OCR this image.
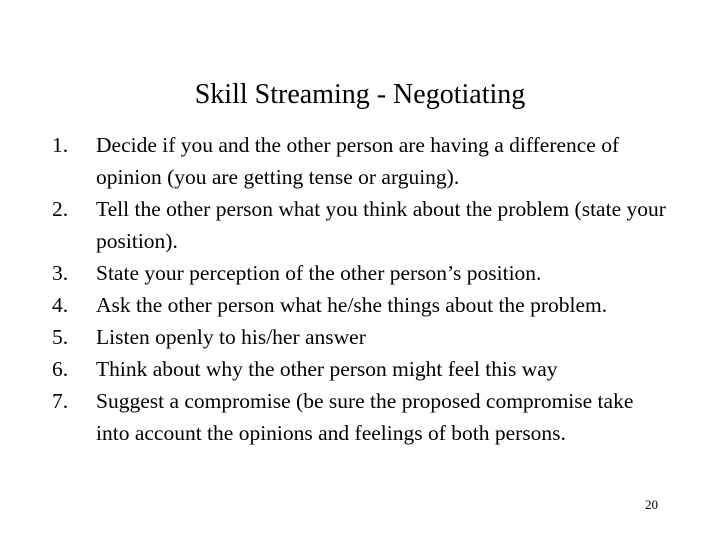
Skill Streaming - Negotiating
1.	Decide if you and the other person are having a difference of opinion (you are getting tense or arguing).
2.	Tell the other person what you think about the problem (state your position).
3.	State your perception of the other person’s position.
4.	Ask the other person what he/she things about the problem.
5.	Listen openly to his/her answer
6.	Think about why the other person might feel this way
7.	Suggest a compromise (be sure the proposed compromise take into account the opinions and feelings of both persons.
20
